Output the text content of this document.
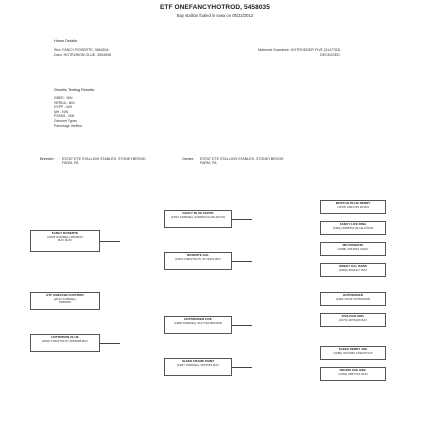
ETF ONEFANCYHOTROD, 5458035
Bay stallion foaled in Iowa on 05/22/2012
Horse Details:
Sire: FANCY ROSERTE, 3864534
Dam: HOTROBON OLUE, 3054598
Maternal Grandsire: HOTRODDER FIVE (3147763)
DECEASED
Genetic Testing Results:
GBED - N/N
HERDA - N/N
HYPP - N/H
MH - N/N
PSSM1 - N/N
Genome Types
Parentage Verified
Breeder: ESTAT ETE STALLION STABLES, STONEYBROOK FARM, PA
Owner: ESTAT ETE STALLION STABLES, STONEYBROOK FARM, PA
ETF ONEFANCYHOTROD
(2012 SORREL)
5458035
FANCY ROSERTE
(2003 SORREL) 3864534
BAY RUN
HOTROBON OLUE
(2000 CHESTNUT) 3054598 BAY
FANCY BLUE CERTE
(1994 SORREL) 3160843 ALOE ROAN
ROSERTE GAL
(1993 CHESTNUT) 3172541 BAY
HOTRODDER FIVE
(1988 SORREL) 3147763 BROWN
SLEEK FRAME PAINT
(1987 SORREL) 3097651 BAY
MOSTLIE BLUE BERRY
(1978) 2901784 ROAN
FANCY LIFE RINA
(1981) 3068451 BLUE ROAN
MR ROSERTE
(1986) 3044581 GRAY
SWEET GAL BARS
(1982) 2933417 BAY
HOTRODDER
(1981) 3031745 BROWN
FIVE BAR GIRL
(1979) 2876203 BAY
SLEEK PERRY JOE
(1980) 3014582 CHESTNUT
ROUND ACE GIRL
(1983) 2957701 DUN
